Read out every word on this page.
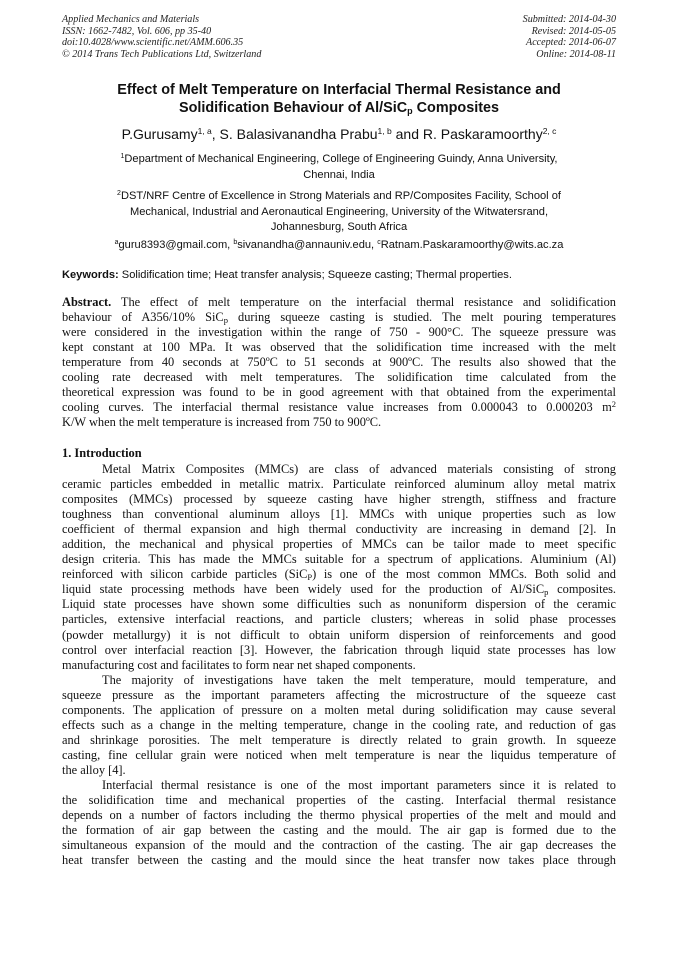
Applied Mechanics and Materials
ISSN: 1662-7482, Vol. 606, pp 35-40
doi:10.4028/www.scientific.net/AMM.606.35
© 2014 Trans Tech Publications Ltd, Switzerland
Submitted: 2014-04-30
Revised: 2014-05-05
Accepted: 2014-06-07
Online: 2014-08-11
Effect of Melt Temperature on Interfacial Thermal Resistance and
Solidification Behaviour of Al/SiC$_p$ Composites
P.Gurusamy$^{1, a}$, S. Balasivanandha Prabu$^{1, b}$ and R. Paskaramoorthy$^{2, c}$
$^1$Department of Mechanical Engineering, College of Engineering Guindy, Anna University,
Chennai, India
$^2$DST/NRF Centre of Excellence in Strong Materials and RP/Composites Facility, School of
Mechanical, Industrial and Aeronautical Engineering, University of the Witwatersrand,
Johannesburg, South Africa
$^a$guru8393@gmail.com, $^b$sivanandha@annauniv.edu, $^c$Ratnam.Paskaramoorthy@wits.ac.za
Keywords: Solidification time; Heat transfer analysis; Squeeze casting; Thermal properties.
Abstract. The effect of melt temperature on the interfacial thermal resistance and solidification
behaviour of A356/10% SiC$_p$ during squeeze casting is studied. The melt pouring temperatures
were considered in the investigation within the range of 750 - 900°C. The squeeze pressure was
kept constant at 100 MPa. It was observed that the solidification time increased with the melt
temperature from 40 seconds at 750ºC to 51 seconds at 900ºC. The results also showed that the
cooling rate decreased with melt temperatures. The solidification time calculated from the
theoretical expression was found to be in good agreement with that obtained from the experimental
cooling curves. The interfacial thermal resistance value increases from 0.000043 to 0.000203 $m^2$
K/W when the melt temperature is increased from 750 to 900ºC.
1. Introduction
Metal Matrix Composites (MMCs) are class of advanced materials consisting of strong
ceramic particles embedded in metallic matrix. Particulate reinforced aluminum alloy metal matrix
composites (MMCs) processed by squeeze casting have higher strength, stiffness and fracture
toughness than conventional aluminum alloys [1]. MMCs with unique properties such as low
coefficient of thermal expansion and high thermal conductivity are increasing in demand [2]. In
addition, the mechanical and physical properties of MMCs can be tailor made to meet specific
design criteria. This has made the MMCs suitable for a spectrum of applications. Aluminium (Al)
reinforced with silicon carbide particles (SiC$_P$) is one of the most common MMCs. Both solid and
liquid state processing methods have been widely used for the production of Al/SiC$_p$ composites.
Liquid state processes have shown some difficulties such as nonuniform dispersion of the ceramic
particles, extensive interfacial reactions, and particle clusters; whereas in solid phase processes
(powder metallurgy) it is not difficult to obtain uniform dispersion of reinforcements and good
control over interfacial reaction [3]. However, the fabrication through liquid state processes has low
manufacturing cost and facilitates to form near net shaped components.
The majority of investigations have taken the melt temperature, mould temperature, and
squeeze pressure as the important parameters affecting the microstructure of the squeeze cast
components. The application of pressure on a molten metal during solidification may cause several
effects such as a change in the melting temperature, change in the cooling rate, and reduction of gas
and shrinkage porosities. The melt temperature is directly related to grain growth. In squeeze
casting, fine cellular grain were noticed when melt temperature is near the liquidus temperature of
the alloy [4].
Interfacial thermal resistance is one of the most important parameters since it is related to
the solidification time and mechanical properties of the casting. Interfacial thermal resistance
depends on a number of factors including the thermo physical properties of the melt and mould and
the formation of air gap between the casting and the mould. The air gap is formed due to the
simultaneous expansion of the mould and the contraction of the casting. The air gap decreases the
heat transfer between the casting and the mould since the heat transfer now takes place through
